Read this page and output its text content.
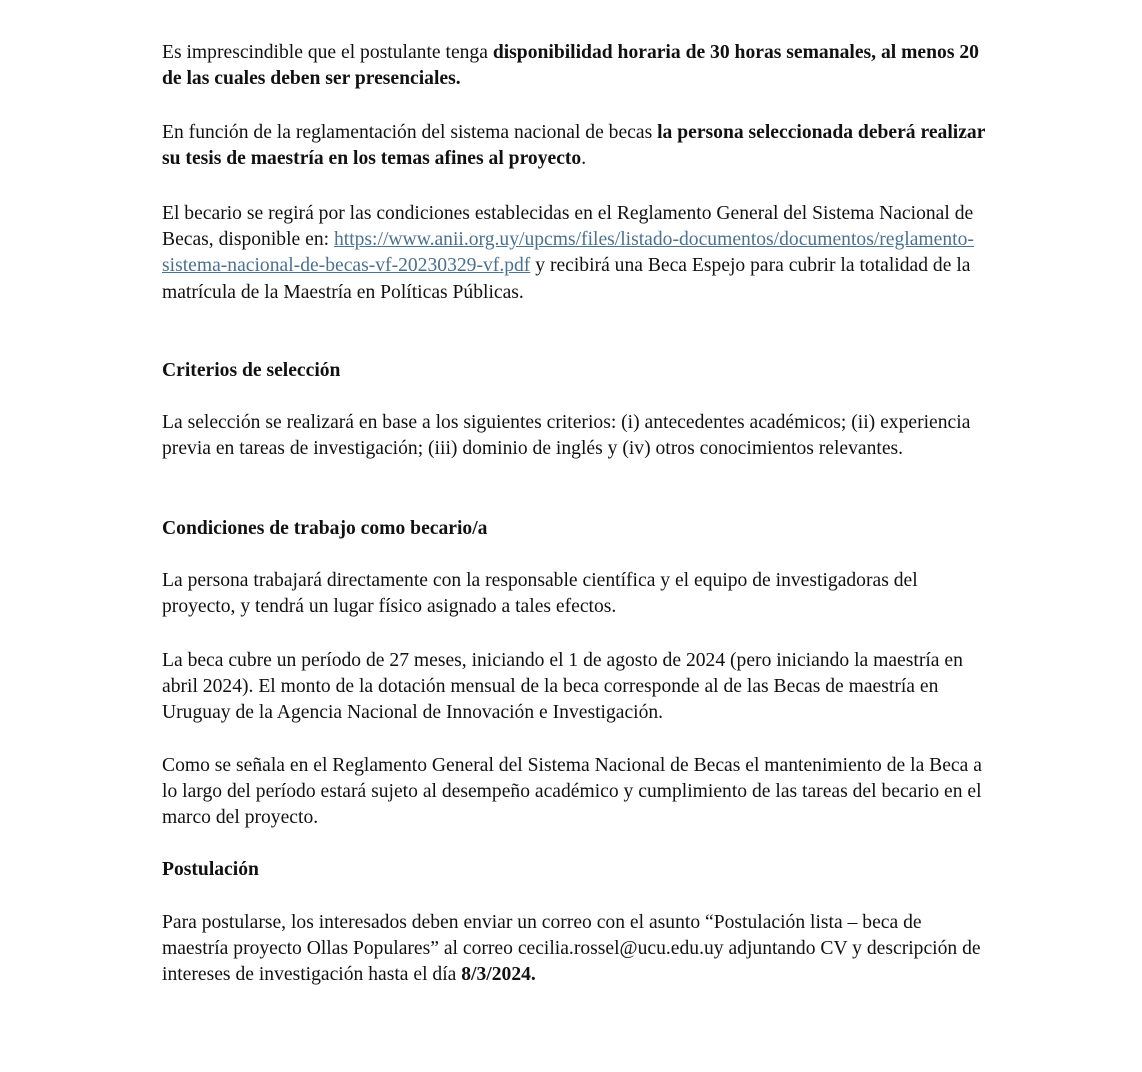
Es imprescindible que el postulante tenga disponibilidad horaria de 30 horas semanales, al menos 20 de las cuales deben ser presenciales.

En función de la reglamentación del sistema nacional de becas la persona seleccionada deberá realizar su tesis de maestría en los temas afines al proyecto.

El becario se regirá por las condiciones establecidas en el Reglamento General del Sistema Nacional de Becas, disponible en: https://www.anii.org.uy/upcms/files/listado-documentos/documentos/reglamento-sistema-nacional-de-becas-vf-20230329-vf.pdf y recibirá una Beca Espejo para cubrir la totalidad de la matrícula de la Maestría en Políticas Públicas.

Criterios de selección

La selección se realizará en base a los siguientes criterios: (i) antecedentes académicos; (ii) experiencia previa en tareas de investigación; (iii) dominio de inglés y (iv) otros conocimientos relevantes.

Condiciones de trabajo como becario/a

La persona trabajará directamente con la responsable científica y el equipo de investigadoras del proyecto, y tendrá un lugar físico asignado a tales efectos.

La beca cubre un período de 27 meses, iniciando el 1 de agosto de 2024 (pero iniciando la maestría en abril 2024). El monto de la dotación mensual de la beca corresponde al de las Becas de maestría en Uruguay de la Agencia Nacional de Innovación e Investigación.

Como se señala en el Reglamento General del Sistema Nacional de Becas el mantenimiento de la Beca a lo largo del período estará sujeto al desempeño académico y cumplimiento de las tareas del becario en el marco del proyecto.

Postulación

Para postularse, los interesados deben enviar un correo con el asunto “Postulación lista – beca de maestría proyecto Ollas Populares” al correo cecilia.rossel@ucu.edu.uy adjuntando CV y descripción de intereses de investigación hasta el día 8/3/2024.
